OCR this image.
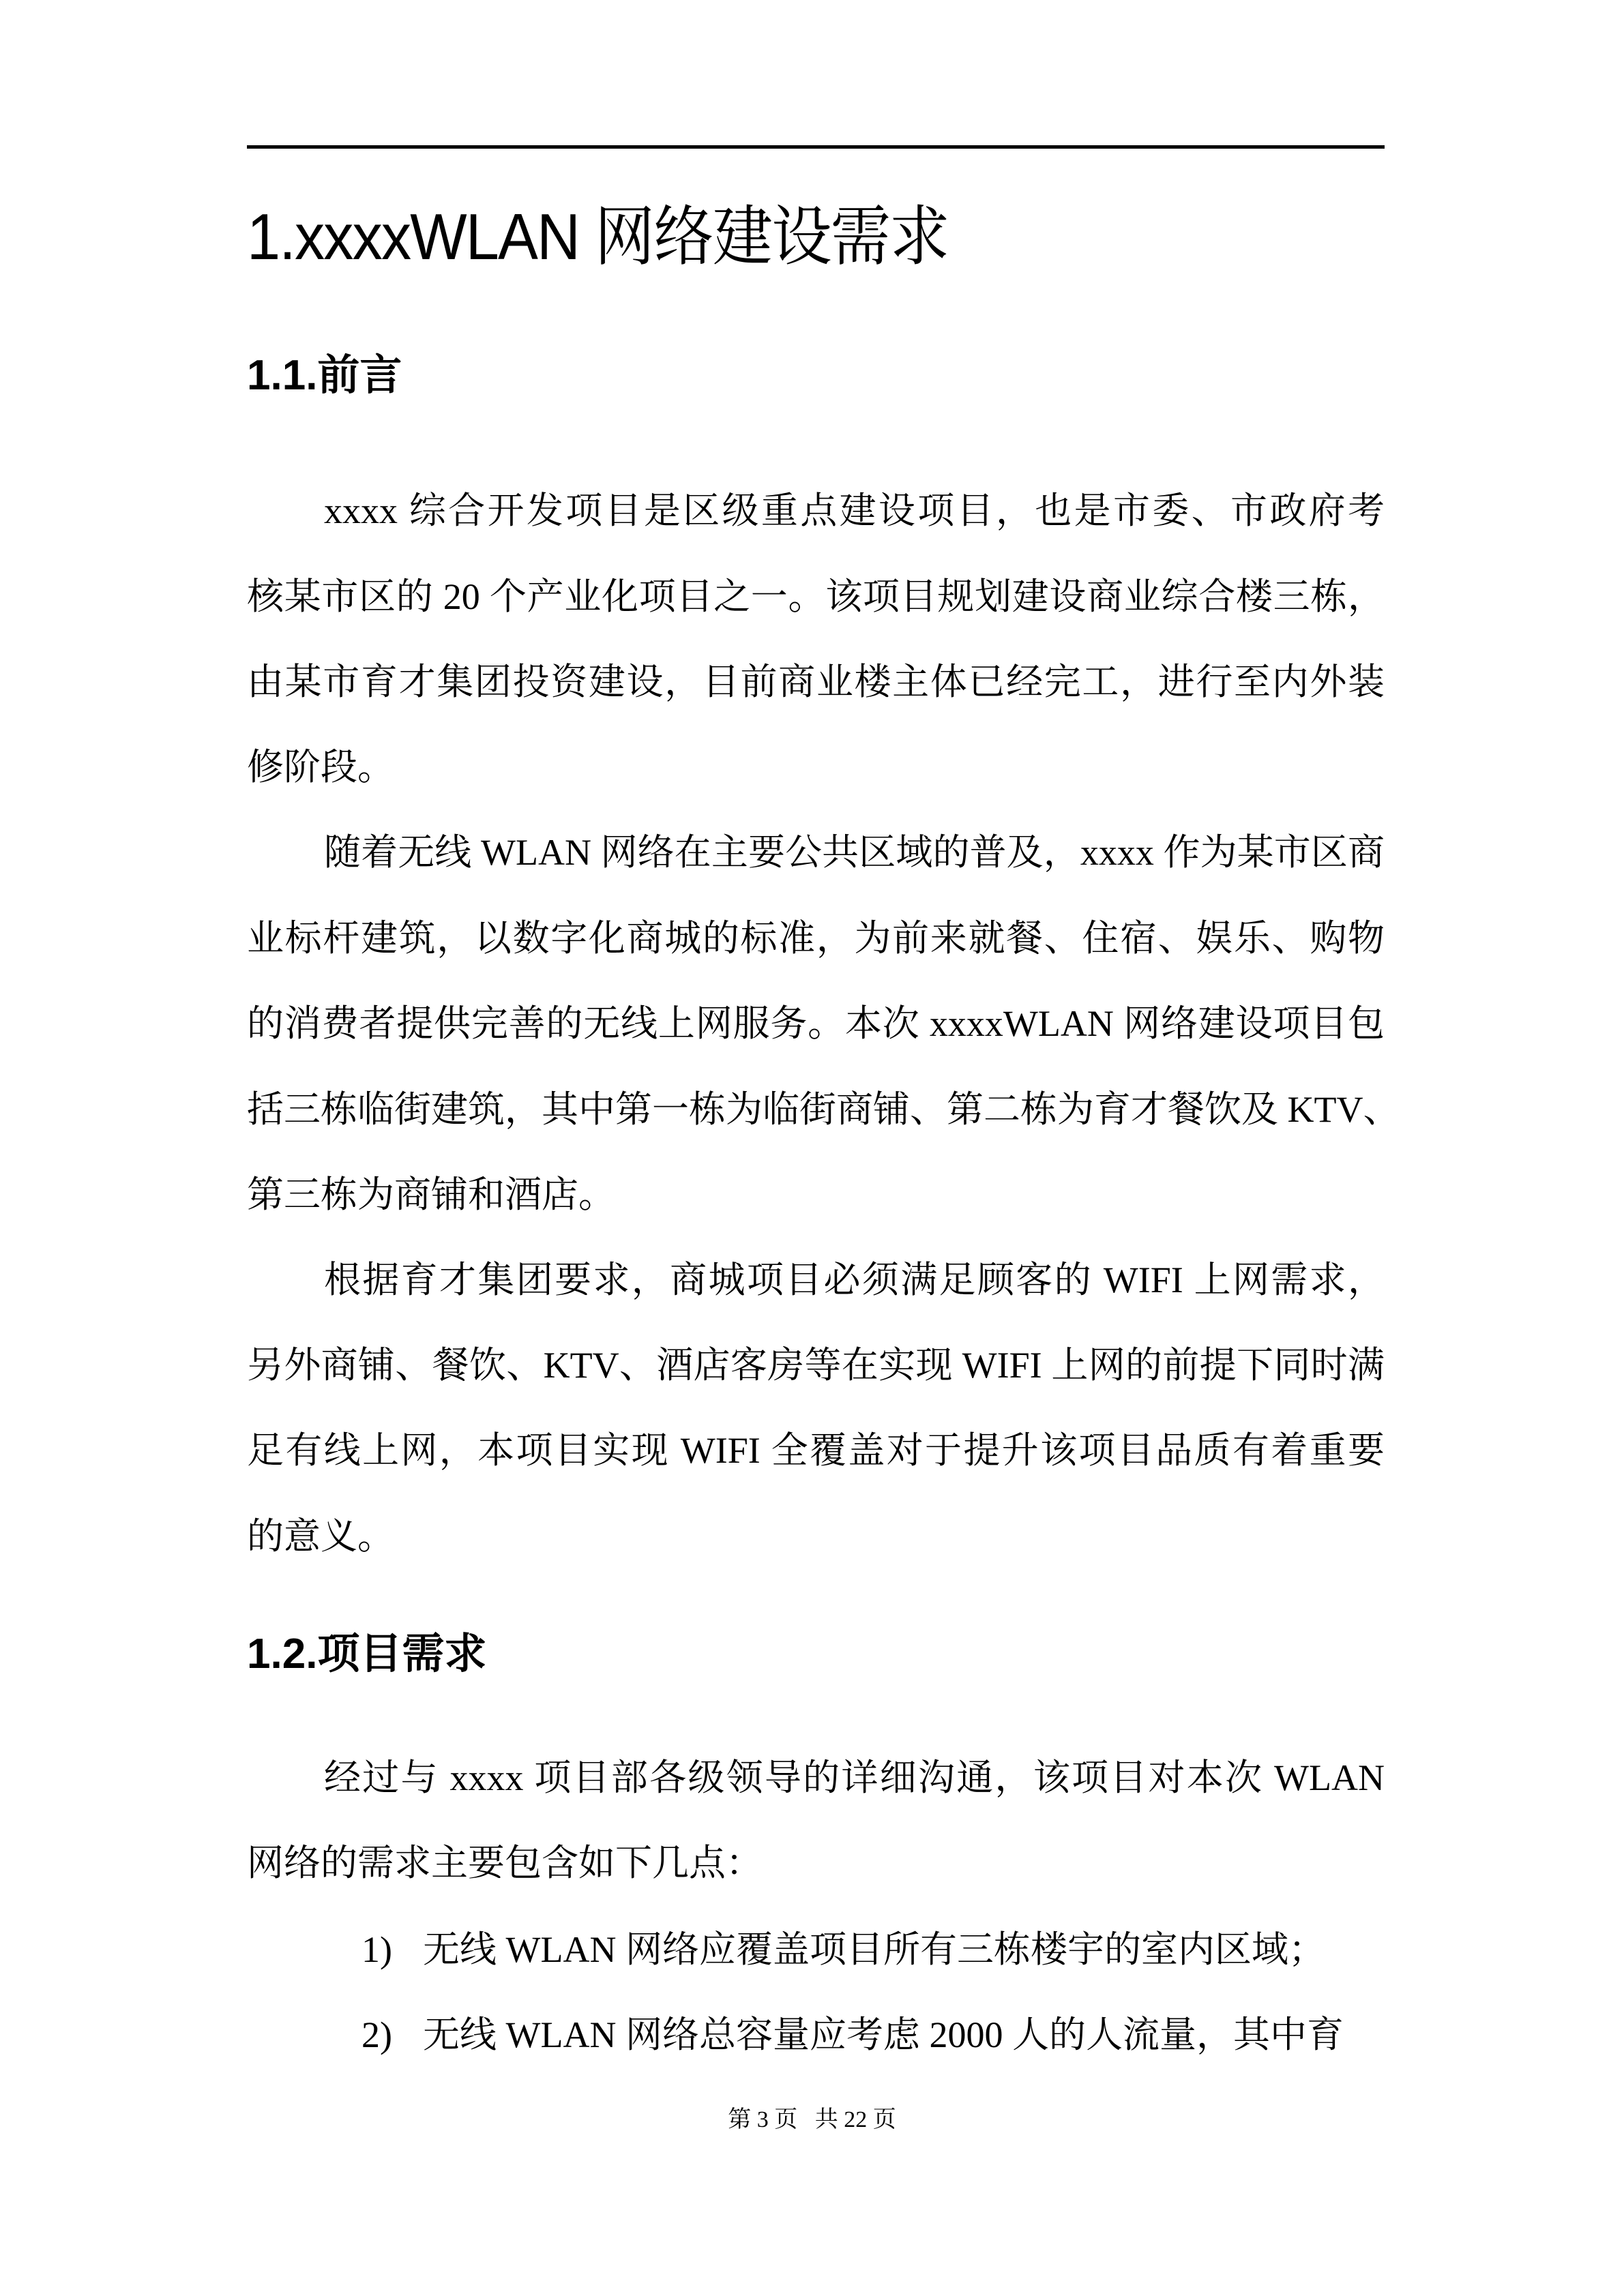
1.xxxxWLAN 网络建设需求
1.1.前言
xxxx 综合开发项目是区级重点建设项目，也是市委、市政府考
核某市区的 20 个产业化项目之一。该项目规划建设商业综合楼三栋，
由某市育才集团投资建设，目前商业楼主体已经完工，进行至内外装
修阶段。
随着无线 WLAN 网络在主要公共区域的普及，xxxx 作为某市区商
业标杆建筑，以数字化商城的标准，为前来就餐、住宿、娱乐、购物
的消费者提供完善的无线上网服务。本次 xxxxWLAN 网络建设项目包
括三栋临街建筑，其中第一栋为临街商铺、第二栋为育才餐饮及 KTV、
第三栋为商铺和酒店。
根据育才集团要求，商城项目必须满足顾客的 WIFI 上网需求，
另外商铺、餐饮、KTV、酒店客房等在实现 WIFI 上网的前提下同时满
足有线上网，本项目实现 WIFI 全覆盖对于提升该项目品质有着重要
的意义。
1.2.项目需求
经过与 xxxx 项目部各级领导的详细沟通，该项目对本次 WLAN
网络的需求主要包含如下几点：
1) 无线 WLAN 网络应覆盖项目所有三栋楼宇的室内区域；
2) 无线 WLAN 网络总容量应考虑 2000 人的人流量，其中育
第 3 页   共 22 页
